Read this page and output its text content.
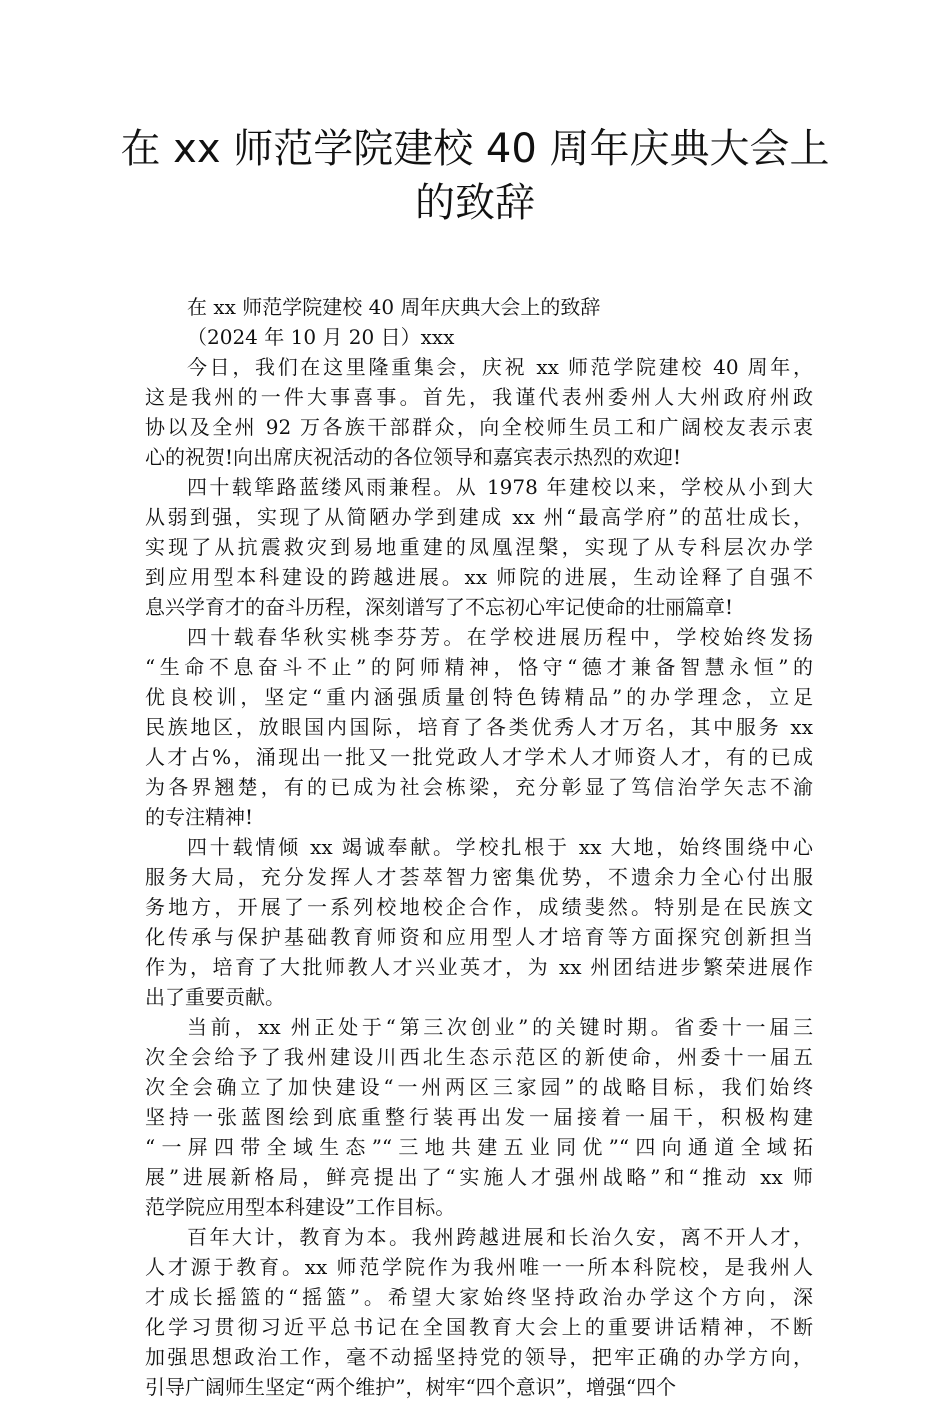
在 xx 师范学院建校 40 周年庆典大会上
的致辞
在 xx 师范学院建校 40 周年庆典大会上的致辞
（2024 年 10 月 20 日）xxx
今日，我们在这里隆重集会，庆祝 xx 师范学院建校 40 周年，
这是我州的一件大事喜事。首先，我谨代表州委州人大州政府州政
协以及全州 92 万各族干部群众，向全校师生员工和广阔校友表示衷
心的祝贺!向出席庆祝活动的各位领导和嘉宾表示热烈的欢迎!
四十载筚路蓝缕风雨兼程。从 1978 年建校以来，学校从小到大
从弱到强，实现了从简陋办学到建成 xx 州“最高学府”的茁壮成长，
实现了从抗震救灾到易地重建的凤凰涅槃，实现了从专科层次办学
到应用型本科建设的跨越进展。xx 师院的进展，生动诠释了自强不
息兴学育才的奋斗历程，深刻谱写了不忘初心牢记使命的壮丽篇章!
四十载春华秋实桃李芬芳。在学校进展历程中，学校始终发扬
“生命不息奋斗不止”的阿师精神，恪守“德才兼备智慧永恒”的
优良校训，坚定“重内涵强质量创特色铸精品”的办学理念，立足
民族地区，放眼国内国际，培育了各类优秀人才万名，其中服务 xx
人才占%，涌现出一批又一批党政人才学术人才师资人才，有的已成
为各界翘楚，有的已成为社会栋梁，充分彰显了笃信治学矢志不渝
的专注精神!
四十载情倾 xx 竭诚奉献。学校扎根于 xx 大地，始终围绕中心
服务大局，充分发挥人才荟萃智力密集优势，不遗余力全心付出服
务地方，开展了一系列校地校企合作，成绩斐然。特别是在民族文
化传承与保护基础教育师资和应用型人才培育等方面探究创新担当
作为，培育了大批师教人才兴业英才，为 xx 州团结进步繁荣进展作
出了重要贡献。
当前，xx 州正处于“第三次创业”的关键时期。省委十一届三
次全会给予了我州建设川西北生态示范区的新使命，州委十一届五
次全会确立了加快建设“一州两区三家园”的战略目标，我们始终
坚持一张蓝图绘到底重整行装再出发一届接着一届干，积极构建
“一屏四带全域生态”“三地共建五业同优”“四向通道全域拓
展”进展新格局，鲜亮提出了“实施人才强州战略”和“推动 xx 师
范学院应用型本科建设”工作目标。
百年大计，教育为本。我州跨越进展和长治久安，离不开人才，
人才源于教育。xx 师范学院作为我州唯一一所本科院校，是我州人
才成长摇篮的“摇篮”。希望大家始终坚持政治办学这个方向，深
化学习贯彻习近平总书记在全国教育大会上的重要讲话精神，不断
加强思想政治工作，毫不动摇坚持党的领导，把牢正确的办学方向，
引导广阔师生坚定“两个维护”，树牢“四个意识”，增强“四个
